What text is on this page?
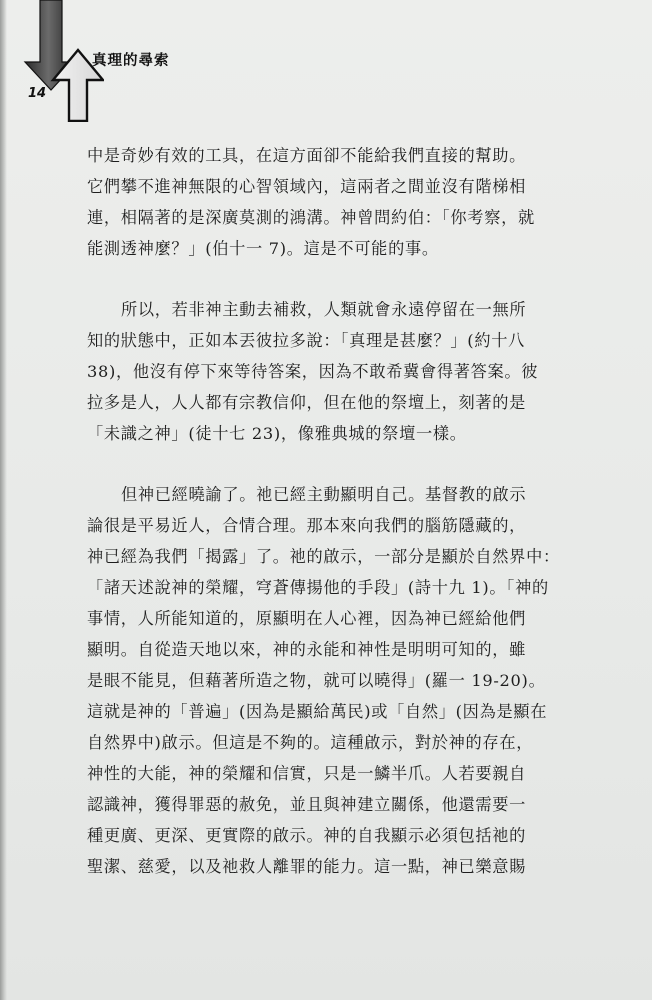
真理的尋索
14
中是奇妙有效的工具，在這方面卻不能給我們直接的幫助。
它們攀不進神無限的心智領域內，這兩者之間並沒有階梯相
連，相隔著的是深廣莫測的鴻溝。神曾問約伯：「你考察，就
能測透神麼？」(伯十一 7)。這是不可能的事。
所以，若非神主動去補救，人類就會永遠停留在一無所
知的狀態中，正如本丟彼拉多說：「真理是甚麼？」(約十八
38)，他沒有停下來等待答案，因為不敢希冀會得著答案。彼
拉多是人，人人都有宗教信仰，但在他的祭壇上，刻著的是
「未識之神」(徒十七 23)，像雅典城的祭壇一樣。
但神已經曉諭了。祂已經主動顯明自己。基督教的啟示
論很是平易近人，合情合理。那本來向我們的腦筋隱藏的，
神已經為我們「揭露」了。祂的啟示，一部分是顯於自然界中：
「諸天述說神的榮耀，穹蒼傳揚他的手段」(詩十九 1)。「神的
事情，人所能知道的，原顯明在人心裡，因為神已經給他們
顯明。自從造天地以來，神的永能和神性是明明可知的，雖
是眼不能見，但藉著所造之物，就可以曉得」(羅一 19-20)。
這就是神的「普遍」(因為是顯給萬民)或「自然」(因為是顯在
自然界中)啟示。但這是不夠的。這種啟示，對於神的存在，
神性的大能，神的榮耀和信實，只是一鱗半爪。人若要親自
認識神，獲得罪惡的赦免，並且與神建立關係，他還需要一
種更廣、更深、更實際的啟示。神的自我顯示必須包括祂的
聖潔、慈愛，以及祂救人離罪的能力。這一點，神已樂意賜
